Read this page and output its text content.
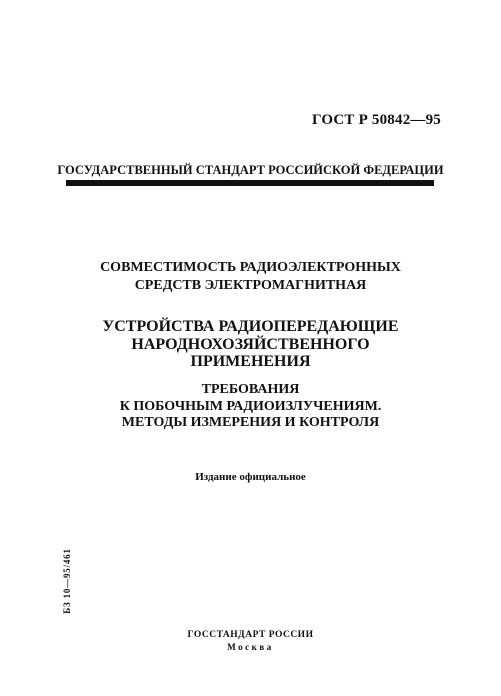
ГОСТ Р 50842—95
ГОСУДАРСТВЕННЫЙ СТАНДАРТ РОССИЙСКОЙ ФЕДЕРАЦИИ
СОВМЕСТИМОСТЬ РАДИОЭЛЕКТРОННЫХ
СРЕДСТВ ЭЛЕКТРОМАГНИТНАЯ
УСТРОЙСТВА РАДИОПЕРЕДАЮЩИЕ
НАРОДНОХОЗЯЙСТВЕННОГО
ПРИМЕНЕНИЯ
ТРЕБОВАНИЯ
К ПОБОЧНЫМ РАДИОИЗЛУЧЕНИЯМ.
МЕТОДЫ ИЗМЕРЕНИЯ И КОНТРОЛЯ
Издание официальное
БЗ 10—95/461
ГОССТАНДАРТ РОССИИ
Москва
